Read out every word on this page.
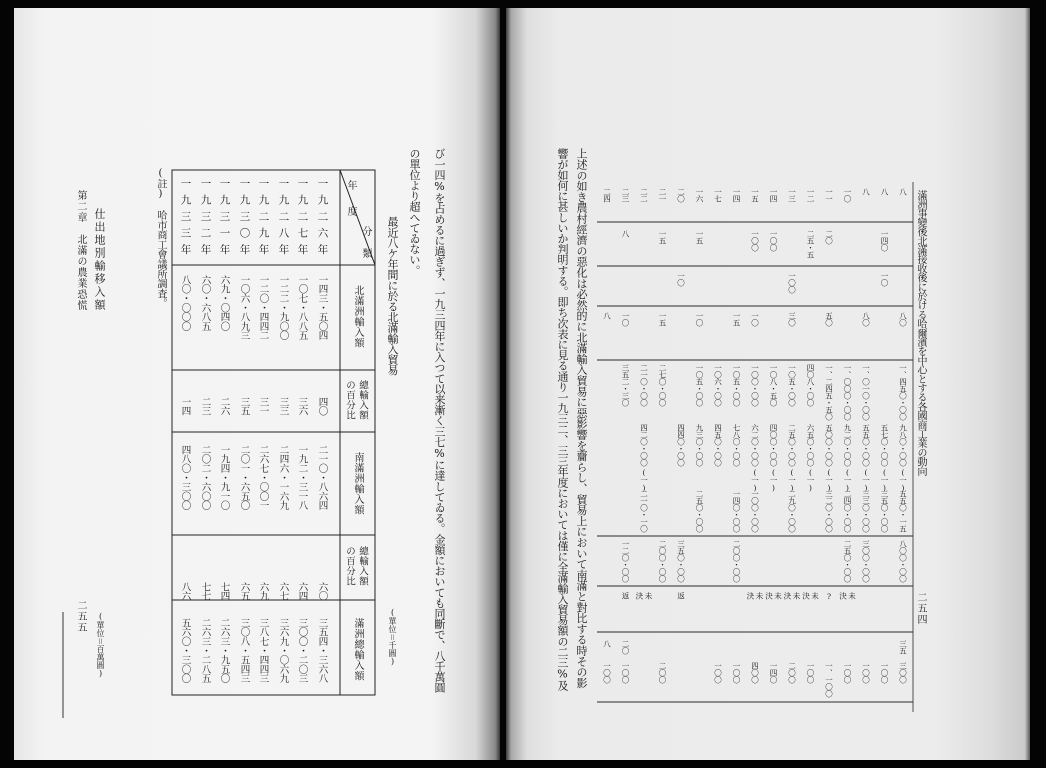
び一四%を占めるに過ぎず、一九三四年に入つて以来漸く三七%に達してゐる。金額においても同斷で、八千萬圓
の單位より超へてゐない。
最近八ケ年間に於る北滿輸入貿易
(單位＝千圓)
年度
分類
(註) 哈市商工會議所調査。
仕出地別輸移入額
(單位＝百萬圓)
第二章　北滿の農業恐慌
二五五
滿洲事變後北滿接收後に於ける哈爾濱を中心とする各國商工業の動向
二五四
上述の如き農村經濟の惡化は必然的に北滿輸入貿易に惡影響を齎らし、貿易上において南滿と對比する時その影
響が如何に甚しいか判明する。即ち次表に見る通り一九三二、三三年度においては僅に全滿輸入貿易額の二三%及
北滿洲輸入額
總輸入額の百分比
南滿洲輸入額
總輸入額の百分比
滿洲總輸入額
一九二六年
一四三・五〇四
四〇
二一〇・八六四
六〇
三五四・三六八
一九二七年
一〇七・八八五
三六
一九二・三一八
六四
三〇〇・二〇三
一九二八年
一二二・九〇〇
三三
二四六・一六九
六七
三六九・〇六九
一九二九年
一二〇・四四二
三一
二六七・〇〇一
六九
三八七・四四三
一九三〇年
一〇六・八九三
三五
二〇一・六五〇
六五
三〇八・五四三
一九三一年
六九・〇四〇
二六
一九四・九一〇
七四
二六三・九五〇
一九三二年
六〇・六八五
二三
二〇二・六〇〇
七七
二六三・二八五
一九三三年
八〇・〇〇〇
一四
四八〇・三〇〇
八六
五六〇・三〇〇
八
八
八
一〇
一一
一二
一三
一四
一五
一四
一七
一六
二〇
二一
二二
二三
二四
一四〇
二〇
二五・五
一〇〇
一〇〇
一五
一五
八
一〇
一〇〇
一〇
八〇
八〇
五〇
三〇
一〇
一五
一〇
一五
一〇
八
一、四五〇・〇〇
一、〇一〇・〇〇
一、〇〇〇・〇〇
一、二四五・五〇
四〇八・〇〇
一〇五・〇〇
一〇八・五〇
一〇〇・〇〇
一〇五・〇〇
一〇六・〇〇
一〇五・〇〇
二七〇・〇〇
二一〇・〇〇
三五二・三〇
九八〇・〇〇
五七〇・〇〇
五五〇・〇〇
九二〇・〇〇
五〇〇・〇〇
六五〇・〇〇
二五〇・〇〇
四〇〇・〇〇
六二〇・〇〇
七八〇・〇〇
四五〇・〇〇
九三〇・〇〇
四四〇・〇〇
四二〇・〇〇
(一)
(一)
(一)
(一)
(一)
(一)
(一)
(一)
(一)
(一)
五五〇・一五
三五〇・〇〇
三三〇・〇〇
二四〇・〇〇
三二〇・〇〇
二九〇・〇〇
一〇〇・〇〇
一四〇・〇〇
二五〇・〇〇
二一〇・一〇
八〇〇・〇〇
三〇〇・〇〇
二五〇・〇〇
二〇〇・〇〇
三五〇・〇〇
二〇〇・〇〇
一二〇・〇〇
未決
?
未決
未決
未決
未決
返
未決
返
三五
二〇
八
三〇〇
一〇〇
一〇〇
一〇〇
一、一〇〇
一〇〇
二〇〇
一四〇
四〇〇
一〇〇
一〇〇
二〇〇
一〇〇
一〇〇
